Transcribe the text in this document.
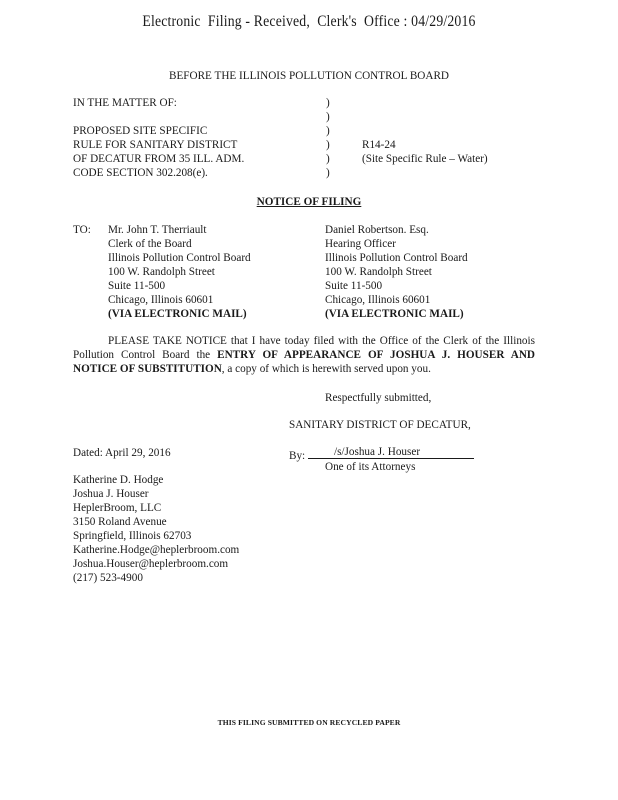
Electronic  Filing - Received,  Clerk's  Office : 04/29/2016
BEFORE THE ILLINOIS POLLUTION CONTROL BOARD
IN THE MATTER OF:
PROPOSED SITE SPECIFIC
RULE FOR SANITARY DISTRICT
OF DECATUR FROM 35 ILL. ADM.
CODE SECTION 302.208(e).
)
)
)
)
)
)
R14-24
(Site Specific Rule – Water)
NOTICE OF FILING
TO: Mr. John T. Therriault
Clerk of the Board
Illinois Pollution Control Board
100 W. Randolph Street
Suite 11-500
Chicago, Illinois 60601
(VIA ELECTRONIC MAIL)
Daniel Robertson. Esq.
Hearing Officer
Illinois Pollution Control Board
100 W. Randolph Street
Suite 11-500
Chicago, Illinois 60601
(VIA ELECTRONIC MAIL)
PLEASE TAKE NOTICE that I have today filed with the Office of the Clerk of the Illinois Pollution Control Board the ENTRY OF APPEARANCE OF JOSHUA J. HOUSER AND NOTICE OF SUBSTITUTION, a copy of which is herewith served upon you.
Respectfully submitted,
SANITARY DISTRICT OF DECATUR,
Dated: April 29, 2016	By:	/s/Joshua J. Houser
One of its Attorneys
Katherine D. Hodge
Joshua J. Houser
HeplerBroom, LLC
3150 Roland Avenue
Springfield, Illinois 62703
Katherine.Hodge@heplerbroom.com
Joshua.Houser@heplerbroom.com
(217) 523-4900
THIS FILING SUBMITTED ON RECYCLED PAPER
